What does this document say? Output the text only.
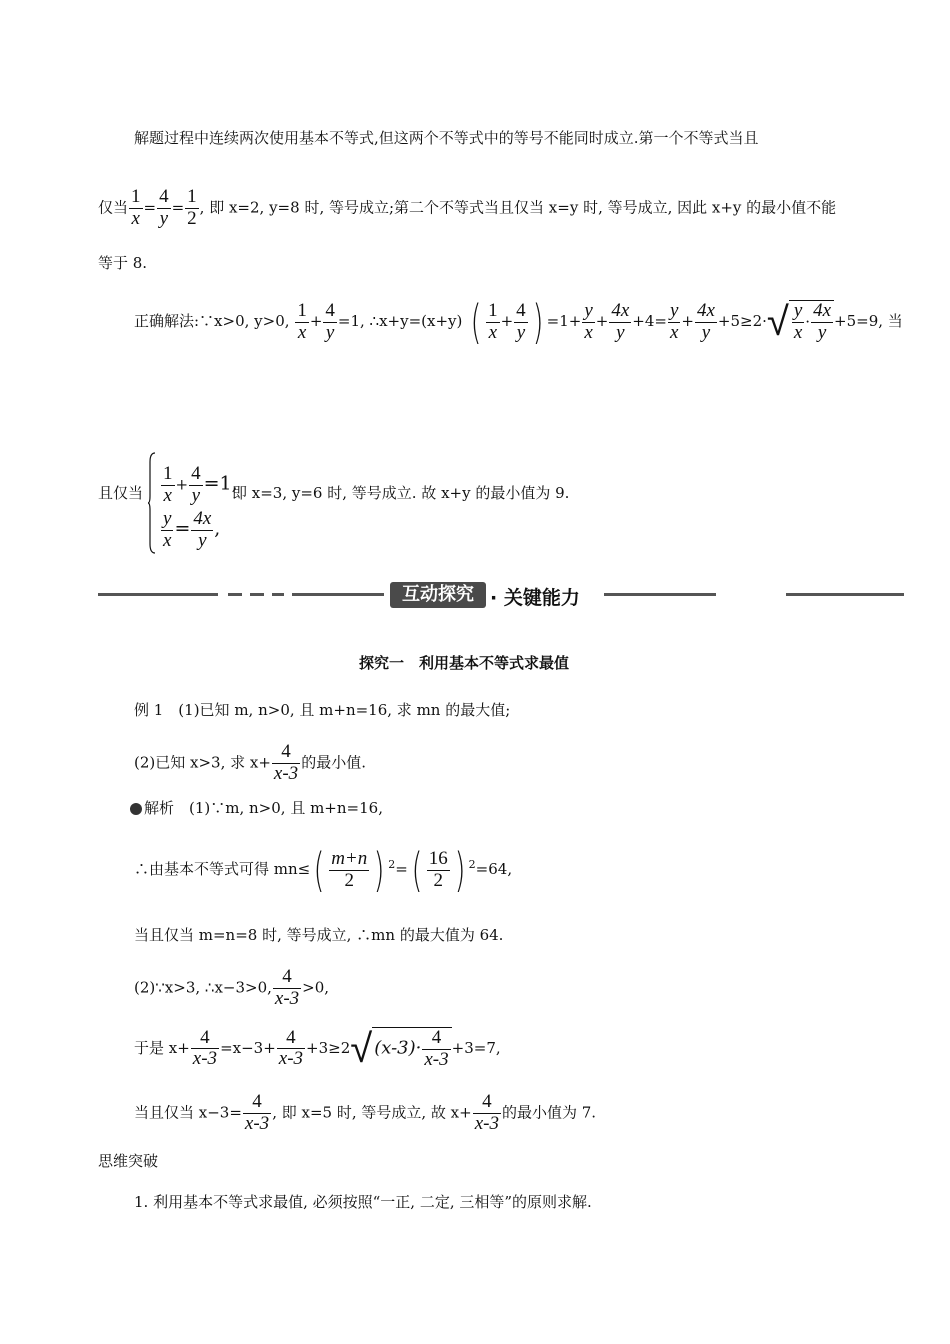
解题过程中连续两次使用基本不等式,但这两个不等式中的等号不能同时成立.第一个不等式当且
仅当 $\frac{1}{x} = \frac{4}{y} = \frac{1}{2}$ , 即 x=2, y=8 时, 等号成立;第二个不等式当且仅当 x=y 时, 等号成立, 因此 x+y 的最小值不能
等于 8.
正确解法:∵x>0, y>0, $\frac{1}{x} + \frac{4}{y} =1$, ∴x+y=(x+y) ( $\frac{1}{x} + \frac{4}{y}$ ) $=1+ \frac{y}{x} + \frac{4x}{y} +4= \frac{y}{x} + \frac{4x}{y} +5\ge 2\cdot√ \frac{y}{x} \cdot \frac{4x}{y} +5=9$, 当
且仅当 $\frac{1}{x} + \frac{4}{y} =1$,
即 x=3, y=6 时, 等号成立. 故 x+y 的最小值为 9.
$\frac{y}{x} = \frac{4x}{y}$ ,
互动探究 · 关键能力
探究一　利用基本不等式求最值
例 1　(1)已知 m, n>0, 且 m+n=16, 求 mn 的最大值;
(2)已知 x>3, 求 $x+ \frac{4}{x-3}$ 的最小值.
解析　(1)∵m, n>0, 且 m+n=16,
∴由基本不等式可得 $mn\le( \frac{m+n}{2}$ ) $^2=( \frac{16}{2}$ ) $^2$=64,
当且仅当 m=n=8 时, 等号成立, ∴mn 的最大值为 64.
(2)∵x>3, ∴x−3>0, $\frac{4}{x-3} >0$,
于是 $x+ \frac{4}{x-3} =x-3+ \frac{4}{x-3} +3\ge 2√$ $(x-3)\cdot \frac{4}{x-3} +3=7$,
当且仅当 $x-3= \frac{4}{x-3}$ , 即 x=5 时, 等号成立, 故 $x+ \frac{4}{x-3}$ 的最小值为 7.
思维突破
1. 利用基本不等式求最值, 必须按照“一正, 二定, 三相等”的原则求解.
